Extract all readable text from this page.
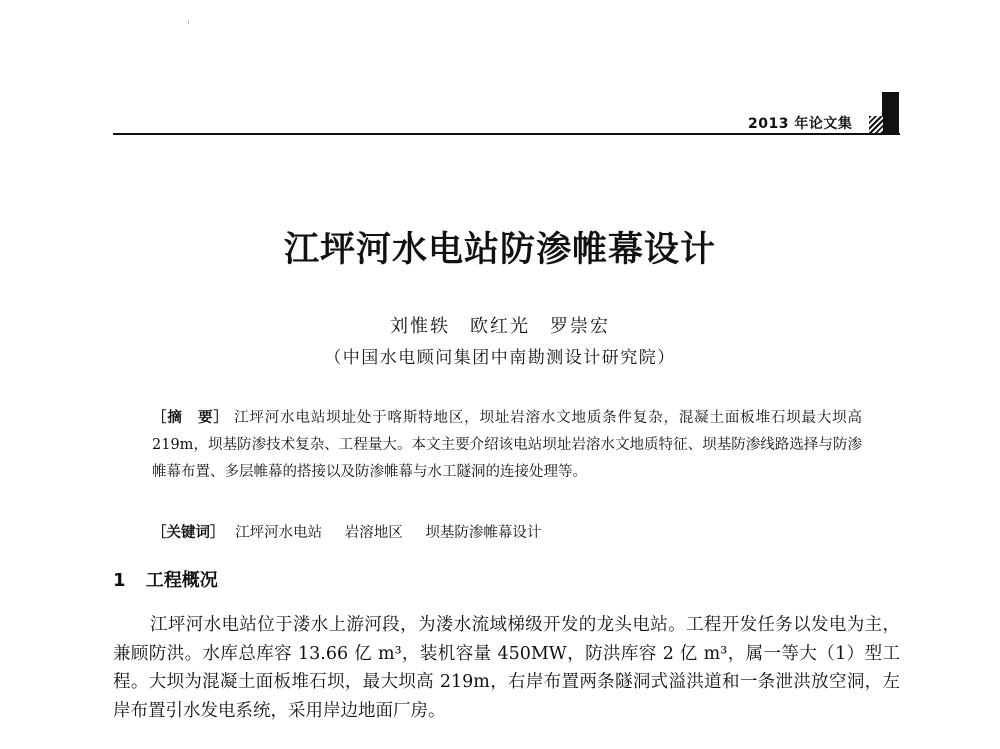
2013 年论文集
江坪河水电站防渗帷幕设计
刘惟轶　欧红光　罗崇宏
（中国水电顾问集团中南勘测设计研究院）
［摘　要］ 江坪河水电站坝址处于喀斯特地区，坝址岩溶水文地质条件复杂，混凝土面板堆石坝最大坝高 219m，坝基防渗技术复杂、工程量大。本文主要介绍该电站坝址岩溶水文地质特征、坝基防渗线路选择与防渗帷幕布置、多层帷幕的搭接以及防渗帷幕与水工隧洞的连接处理等。
［关键词］ 江坪河水电站 岩溶地区 坝基防渗帷幕设计
1 工程概况

江坪河水电站位于溇水上游河段，为溇水流域梯级开发的龙头电站。工程开发任务以发电为主，兼顾防洪。水库总库容 13.66 亿 m³，装机容量 450MW，防洪库容 2 亿 m³，属一等大（1）型工程。大坝为混凝土面板堆石坝，最大坝高 219m，右岸布置两条隧洞式溢洪道和一条泄洪放空洞，左岸布置引水发电系统，采用岸边地面厂房。
